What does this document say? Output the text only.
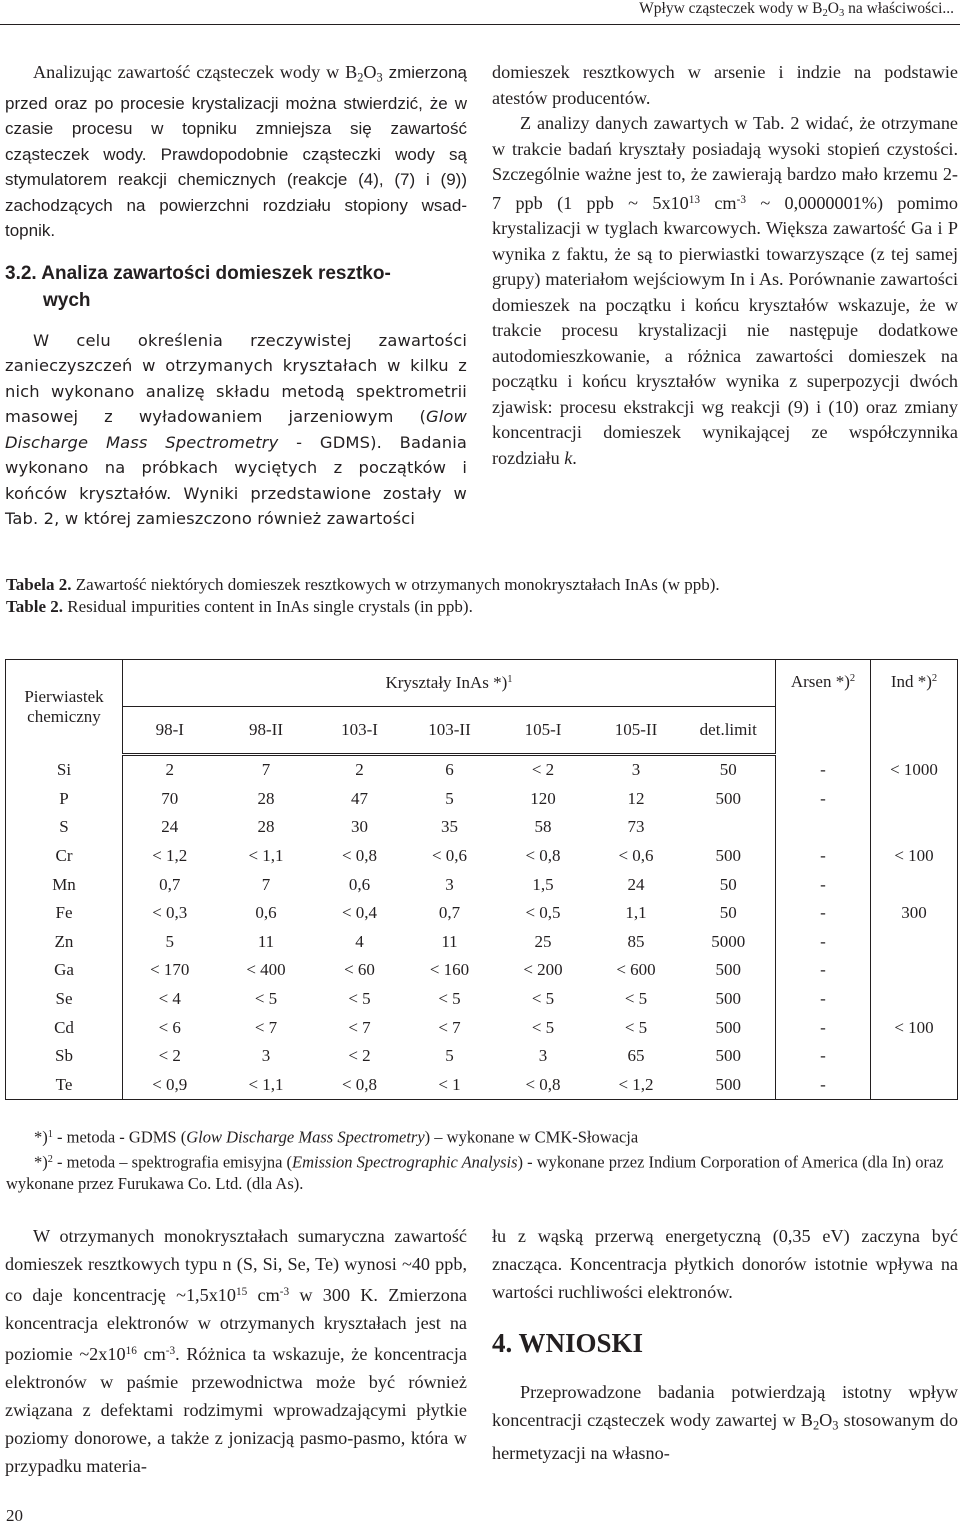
Wpływ cząsteczek wody w $B_2O_3$ na właściwości...

Analizując zawartość cząsteczek wody w $B_2O_3$ zmierzoną przed oraz po procesie krystalizacji można stwierdzić, że w czasie procesu w topniku zmniejsza się zawartość cząsteczek wody. Prawdopodobnie cząsteczki wody są stymulatorem reakcji chemicznych (reakcje (4), (7) i (9)) zachodzących na powierzchni rozdziału stopiony wsad-topnik.

3.2. Analiza zawartości domieszek resztko-
wych

W celu określenia rzeczywistej zawartości zanieczyszczeń w otrzymanych kryształach w kilku z nich wykonano analizę składu metodą spektrometrii masowej z wyładowaniem jarzeniowym (Glow Discharge Mass Spectrometry - GDMS). Badania wykonano na próbkach wyciętych z początków i końców kryształów. Wyniki przedstawione zostały w Tab. 2, w której zamieszczono również zawartości

domieszek resztkowych w arsenie i indzie na podstawie atestów producentów.

Z analizy danych zawartych w Tab. 2 widać, że otrzymane w trakcie badań kryształy posiadają wysoki stopień czystości. Szczególnie ważne jest to, że zawierają bardzo mało krzemu 2-7 ppb (1 ppb ~ $5x10^{13}$ $cm^{-3}$ ~ 0,0000001%) pomimo krystalizacji w tyglach kwarcowych. Większa zawartość Ga i P wynika z faktu, że są to pierwiastki towarzyszące (z tej samej grupy) materiałom wejściowym In i As. Porównanie zawartości domieszek na początku i końcu kryształów wskazuje, że w trakcie procesu krystalizacji nie następuje dodatkowe autodomieszkowanie, a różnica zawartości domieszek na początku i końcu kryształów wynika z superpozycji dwóch zjawisk: procesu ekstrakcji wg reakcji (9) i (10) oraz zmiany koncentracji domieszek wynikającej ze współczynnika rozdziału k.

Tabela 2. Zawartość niektórych domieszek resztkowych w otrzymanych monokryształach InAs (w ppb).
Table 2. Residual impurities content in InAs single crystals (in ppb).
Pierwiastek chemiczny	Kryształy InAs *)$^1$							Arsen *)$^2$	Ind *)$^2$
	98-I	98-II	103-I	103-II	105-I	105-II	det.limit		
Si	2	7	2	6	< 2	3	50	-	< 1000
P	70	28	47	5	120	12	500	-	
S	24	28	30	35	58	73			
Cr	< 1,2	< 1,1	< 0,8	< 0,6	< 0,8	< 0,6	500	-	< 100
Mn	0,7	7	0,6	3	1,5	24	50	-	
Fe	< 0,3	0,6	< 0,4	0,7	< 0,5	1,1	50	-	300
Zn	5	11	4	11	25	85	5000	-	
Ga	< 170	< 400	< 60	< 160	< 200	< 600	500	-	
Se	< 4	< 5	< 5	< 5	< 5	< 5	500	-	
Cd	< 6	< 7	< 7	< 7	< 5	< 5	500	-	< 100
Sb	< 2	3	< 2	5	3	65	500	-	
Te	< 0,9	< 1,1	< 0,8	< 1	< 0,8	< 1,2	500	-	
*)$^1$ - metoda - GDMS (Glow Discharge Mass Spectrometry) – wykonane w CMK-Słowacja
*)$^2$ - metoda – spektrografia emisyjna (Emission Spectrographic Analysis) - wykonane przez Indium Corporation of America (dla In) oraz wykonane przez Furukawa Co. Ltd. (dla As).

W otrzymanych monokryształach sumaryczna zawartość domieszek resztkowych typu n (S, Si, Se, Te) wynosi ~40 ppb, co daje koncentrację $\sim 1,5x10^{15}$ $cm^{-3}$ w 300 K. Zmierzona koncentracja elektronów w otrzymanych kryształach jest na poziomie $\sim 2x10^{16}$ $cm^{-3}$. Różnica ta wskazuje, że koncentracja elektronów w paśmie przewodnictwa może być również związana z defektami rodzimymi wprowadzającymi płytkie poziomy donorowe, a także z jonizacją pasmo-pasmo, która w przypadku materia-

łu z wąską przerwą energetyczną (0,35 eV) zaczyna być znacząca. Koncentracja płytkich donorów istotnie wpływa na wartości ruchliwości elektronów.

4. WNIOSKI

Przeprowadzone badania potwierdzają istotny wpływ koncentracji cząsteczek wody zawartej w $B_2O_3$ stosowanym do hermetyzacji na własno-

20
